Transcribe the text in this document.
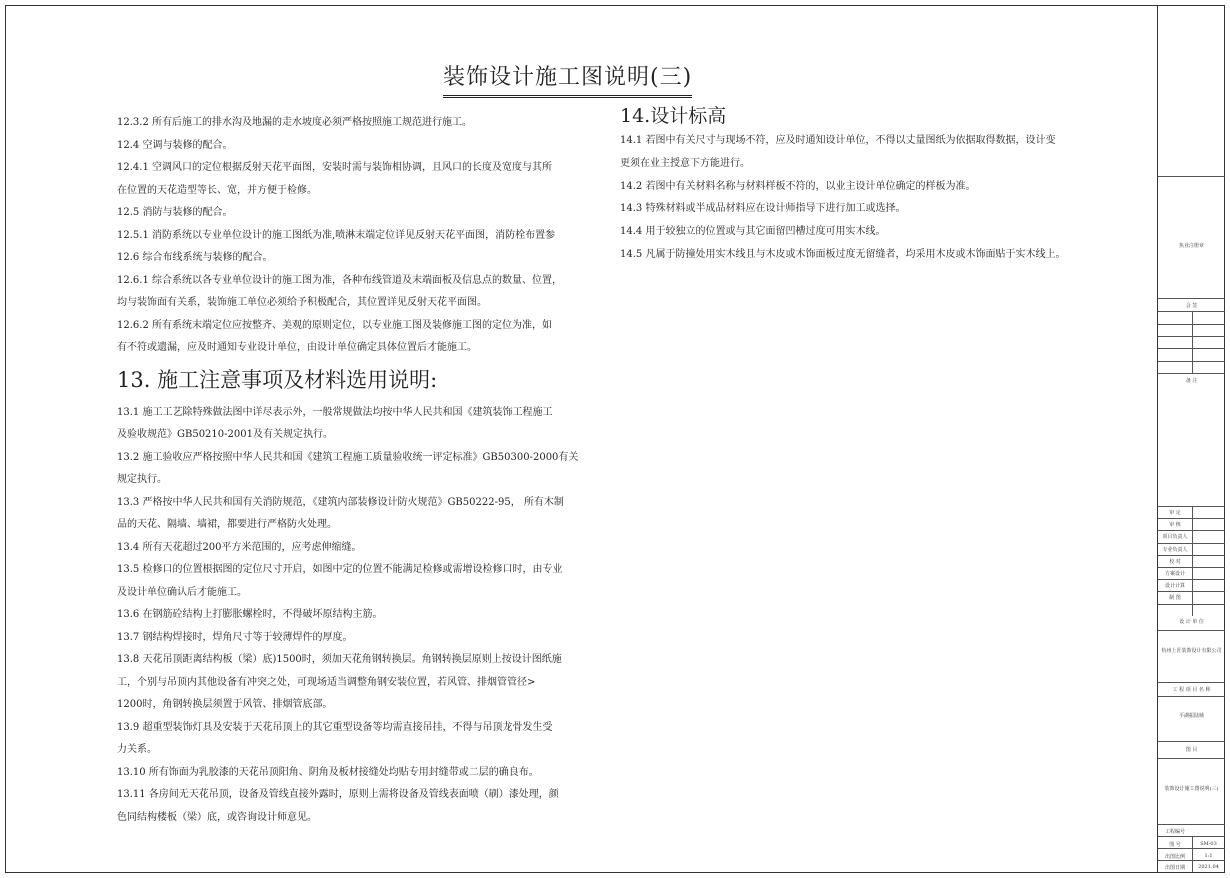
装饰设计施工图说明(三)

12.3.2 所有后施工的排水沟及地漏的走水坡度必须严格按照施工规范进行施工。

12.4 空调与装修的配合。

12.4.1 空调风口的定位根据反射天花平面图，安装时需与装饰相协调，且风口的长度及宽度与其所

在位置的天花造型等长、宽，并方便于检修。

12.5 消防与装修的配合。

12.5.1 消防系统以专业单位设计的施工图纸为准,喷淋末端定位详见反射天花平面图，消防栓布置参

12.6 综合布线系统与装修的配合。

12.6.1 综合系统以各专业单位设计的施工图为准，各种布线管道及末端面板及信息点的数量、位置，

均与装饰面有关系，装饰施工单位必须给予积极配合，其位置详见反射天花平面图。

12.6.2 所有系统末端定位应按整齐、美观的原则定位，以专业施工图及装修施工图的定位为准，如

有不符或遗漏，应及时通知专业设计单位，由设计单位确定具体位置后才能施工。

13. 施工注意事项及材料选用说明:

13.1 施工工艺除特殊做法图中详尽表示外，一般常规做法均按中华人民共和国《建筑装饰工程施工

及验收规范》GB50210-2001及有关规定执行。

13.2 施工验收应严格按照中华人民共和国《建筑工程施工质量验收统一评定标准》GB50300-2000有关

规定执行。

13.3 严格按中华人民共和国有关消防规范，《建筑内部装修设计防火规范》GB50222-95， 所有木制

品的天花、隔墙、墙裙，都要进行严格防火处理。

13.4 所有天花超过200平方米范围的，应考虑伸缩缝。

13.5 检修口的位置根据图的定位尺寸开启，如图中定的位置不能满足检修或需增设检修口时，由专业

及设计单位确认后才能施工。

13.6 在钢筋砼结构上打膨胀螺栓时，不得破坏原结构主筋。

13.7 钢结构焊接时，焊角尺寸等于较薄焊件的厚度。

13.8 天花吊顶距离结构板（梁）底)1500时，须加天花角钢转换层。角钢转换层原则上按设计图纸施

工，个别与吊顶内其他设备有冲突之处，可现场适当调整角钢安装位置，若风管、排烟管管径>

1200时，角钢转换层须置于风管、排烟管底部。

13.9 超重型装饰灯具及安装于天花吊顶上的其它重型设备等均需直接吊挂，不得与吊顶龙骨发生受

力关系。

13.10 所有饰面为乳胶漆的天花吊顶阳角、阴角及板材接缝处均贴专用封缝带或二层的确良布。

13.11 各房间无天花吊顶，设备及管线直接外露时，原则上需将设备及管线表面喷（刷）漆处理，颜

色同结构楼板（梁）底，或咨询设计师意见。

14.设计标高

14.1 若图中有关尺寸与现场不符，应及时通知设计单位，不得以丈量图纸为依据取得数据，设计变

更须在业主授意下方能进行。

14.2 若图中有关材料名称与材料样板不符的，以业主设计单位确定的样板为准。

14.3 特殊材料或半成品材料应在设计师指导下进行加工或选择。

14.4 用于较独立的位置或与其它面留凹槽过度可用实木线。

14.5 凡属于防撞处用实木线且与木皮或木饰面板过度无留缝者，均采用木皮或木饰面贴于实木线上。

执业注册章
会 签
备 注
设 计 单 位
杭州上匠装饰设计有限公司
工 程 项 目 名 称
平湖振陆城
图 目
装饰设计施工图说明(三)
工程编号
图 号	SM-03
出图比例	1:1
出图日期	2021.04
审 定
审 核
项目负责人
专业负责人
校 对
方案设计
设计计算
制 图
